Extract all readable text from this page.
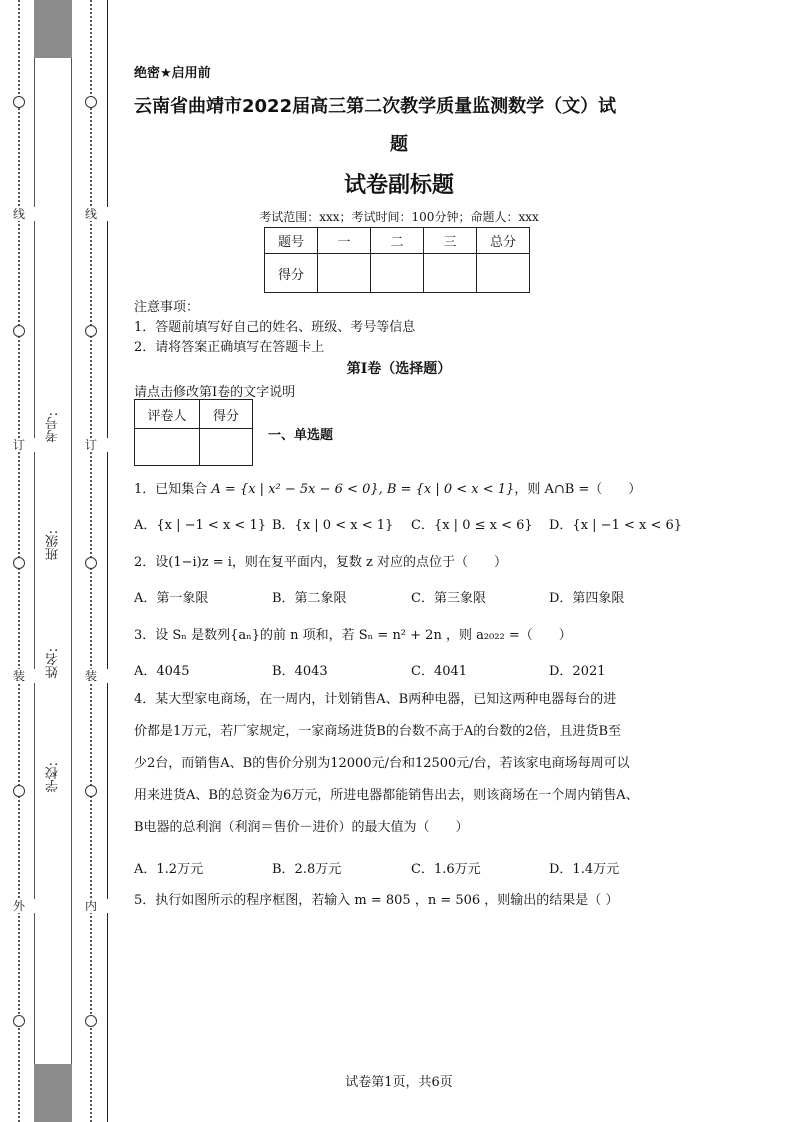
线
订
装
外
线
订
装
内
考号:
班级:
姓名:
学校:
绝密★启用前
云南省曲靖市2022届高三第二次教学质量监测数学（文）试
题
试卷副标题
考试范围：xxx；考试时间：100分钟；命题人：xxx
题号	一	二	三	总分
得分				
注意事项：
1．答题前填写好自己的姓名、班级、考号等信息
2．请将答案正确填写在答题卡上
第I卷（选择题）
请点击修改第I卷的文字说明
评卷人	得分

一、单选题
1．已知集合 A = {x | x² − 5x − 6 < 0}, B = {x | 0 < x < 1}，则 A∩B =（　　）
A．{x | −1 < x < 1} B．{x | 0 < x < 1} C．{x | 0 ≤ x < 6} D．{x | −1 < x < 6}
2．设(1−i)z = i，则在复平面内，复数 z 对应的点位于（　　）
A．第一象限	B．第二象限	C．第三象限	D．第四象限
3．设 Sₙ 是数列{aₙ}的前 n 项和，若 Sₙ = n² + 2n ，则 a₂₀₂₂ =（　　）
A．4045	B．4043	C．4041	D．2021
4．某大型家电商场，在一周内，计划销售A、B两种电器，已知这两种电器每台的进
价都是1万元，若厂家规定，一家商场进货B的台数不高于A的台数的2倍，且进货B至
少2台，而销售A、B的售价分别为12000元/台和12500元/台，若该家电商场每周可以
用来进货A、B的总资金为6万元，所进电器都能销售出去，则该商场在一个周内销售A、
B电器的总利润（利润＝售价－进价）的最大值为（　　）
A．1.2万元	B．2.8万元	C．1.6万元	D．1.4万元
5．执行如图所示的程序框图，若输入 m = 805 ，n = 506 ，则输出的结果是（ ）
试卷第1页，共6页
